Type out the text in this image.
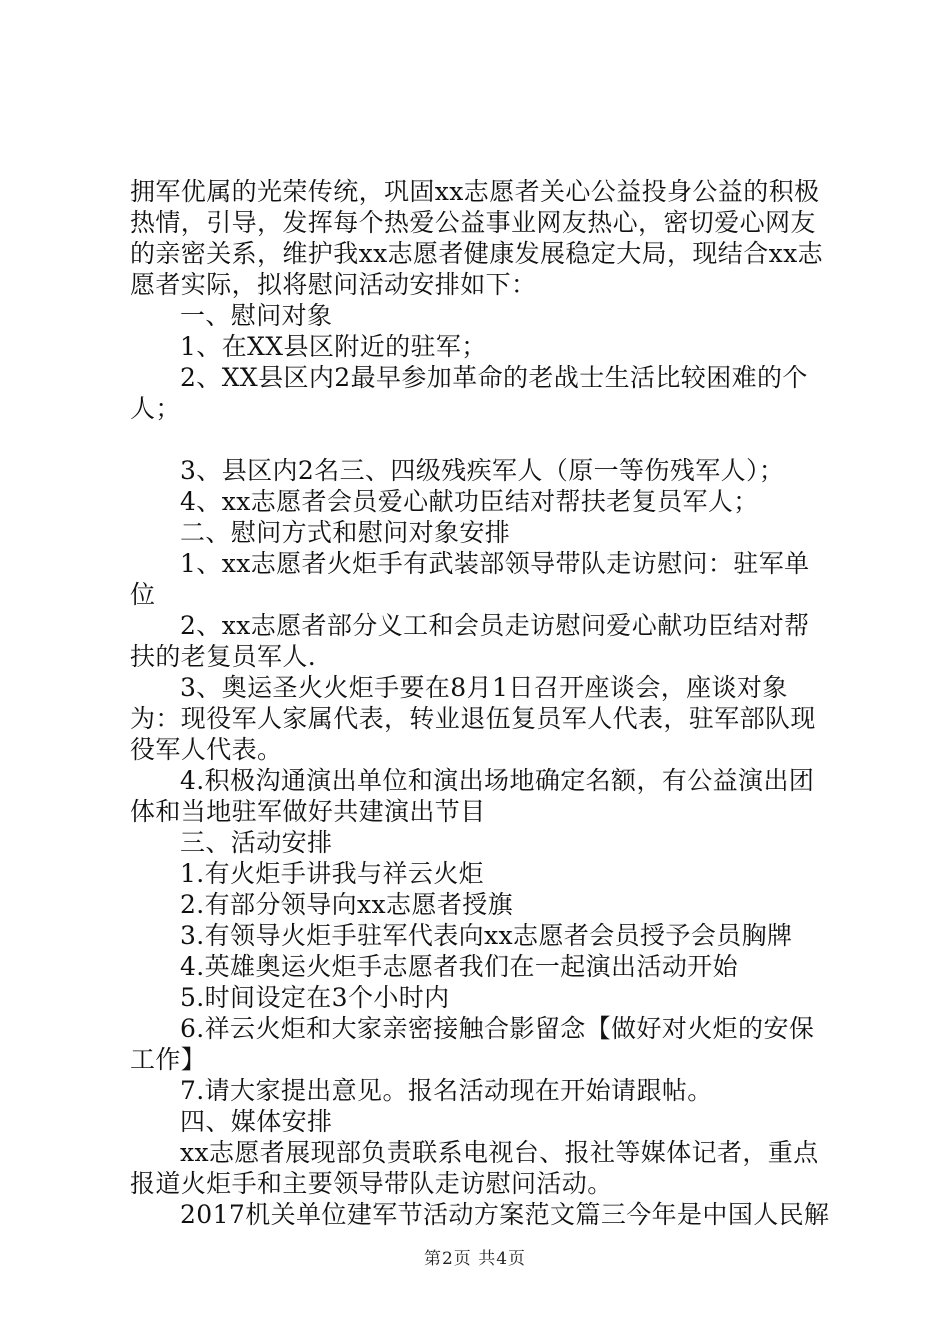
拥军优属的光荣传统，巩固xx志愿者关心公益投身公益的积极热情，引导，发挥每个热爱公益事业网友热心，密切爱心网友的亲密关系，维护我xx志愿者健康发展稳定大局，现结合xx志愿者实际，拟将慰问活动安排如下：

一、慰问对象

1、在XX县区附近的驻军；

2、XX县区内2最早参加革命的老战士生活比较困难的个人；

3、县区内2名三、四级残疾军人（原一等伤残军人）；

4、xx志愿者会员爱心献功臣结对帮扶老复员军人；

二、慰问方式和慰问对象安排

1、xx志愿者火炬手有武装部领导带队走访慰问：驻军单位

2、xx志愿者部分义工和会员走访慰问爱心献功臣结对帮扶的老复员军人.

3、奥运圣火火炬手要在8月1日召开座谈会，座谈对象为：现役军人家属代表，转业退伍复员军人代表，驻军部队现役军人代表。

4.积极沟通演出单位和演出场地确定名额，有公益演出团体和当地驻军做好共建演出节目

三、活动安排

1.有火炬手讲我与祥云火炬

2.有部分领导向xx志愿者授旗

3.有领导火炬手驻军代表向xx志愿者会员授予会员胸牌

4.英雄奥运火炬手志愿者我们在一起演出活动开始

5.时间设定在3个小时内

6.祥云火炬和大家亲密接触合影留念【做好对火炬的安保工作】

7.请大家提出意见。报名活动现在开始请跟帖。

四、媒体安排

xx志愿者展现部负责联系电视台、报社等媒体记者，重点报道火炬手和主要领导带队走访慰问活动。

2017机关单位建军节活动方案范文篇三今年是中国人民解

第2页 共4页
